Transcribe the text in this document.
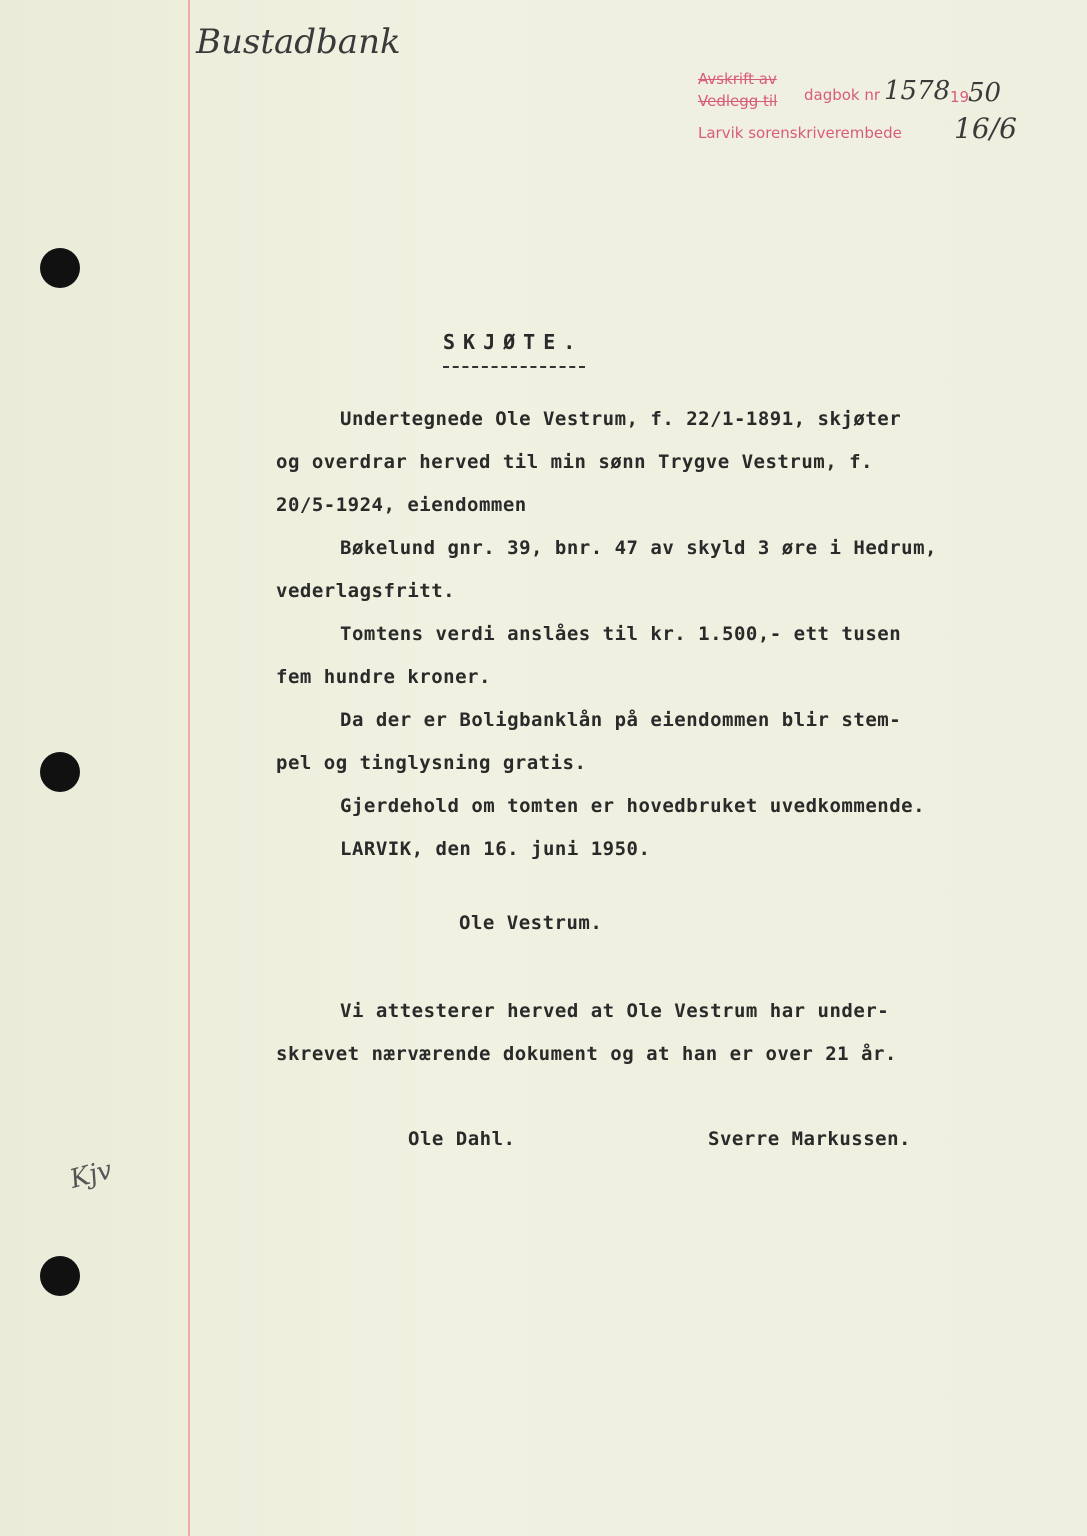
Bustadbank
Avskrift av
Vedlegg til dagbok nr 1578 19
50
Larvik sorenskriverembede 16/6
SKJØTE.
Undertegnede Ole Vestrum, f. 22/1-1891, skjøter
og overdrar herved til min sønn Trygve Vestrum, f.
20/5-1924, eiendommen
Bøkelund gnr. 39, bnr. 47 av skyld 3 øre i Hedrum,
vederlagsfritt.
Tomtens verdi anslåes til kr. 1.500,- ett tusen
fem hundre kroner.
Da der er Boligbanklån på eiendommen blir stem-
pel og tinglysning gratis.
Gjerdehold om tomten er hovedbruket uvedkommende.
LARVIK, den 16. juni 1950.
Ole Vestrum.
Vi attesterer herved at Ole Vestrum har under-
skrevet nærværende dokument og at han er over 21 år.
Ole Dahl.	Sverre Markussen.
Kjv
